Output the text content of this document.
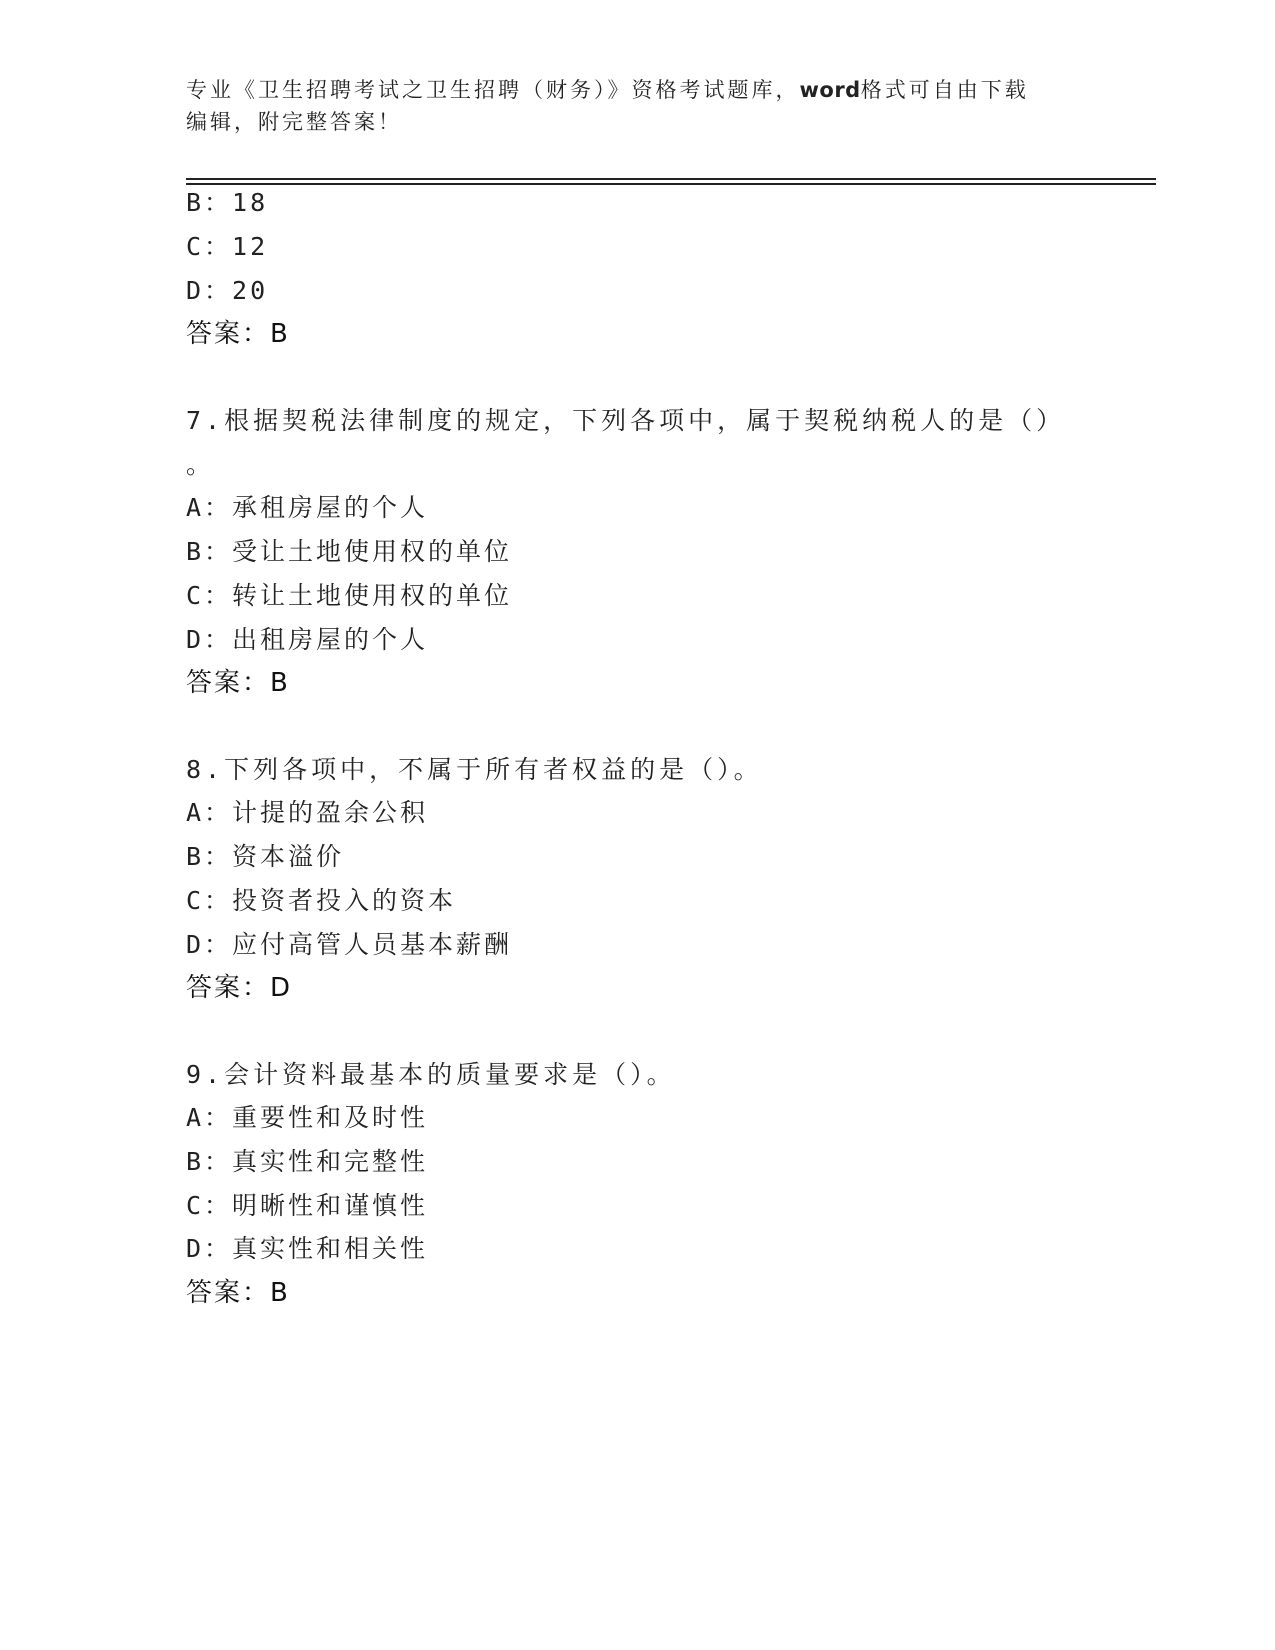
专业《卫生招聘考试之卫生招聘（财务）》资格考试题库，word格式可自由下载
编辑，附完整答案！
B：18
C：12
D：20
答案：B
7.根据契税法律制度的规定，下列各项中，属于契税纳税人的是（）
。
A：承租房屋的个人
B：受让土地使用权的单位
C：转让土地使用权的单位
D：出租房屋的个人
答案：B
8.下列各项中，不属于所有者权益的是（）。
A：计提的盈余公积
B：资本溢价
C：投资者投入的资本
D：应付高管人员基本薪酬
答案：D
9.会计资料最基本的质量要求是（）。
A：重要性和及时性
B：真实性和完整性
C：明晰性和谨慎性
D：真实性和相关性
答案：B
